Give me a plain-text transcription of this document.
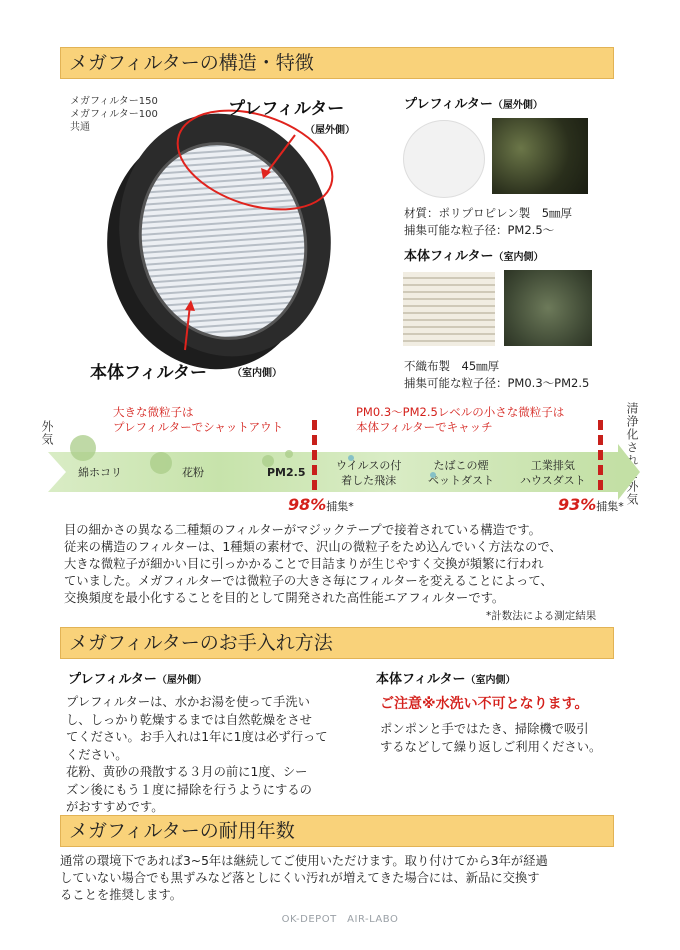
メガフィルターの構造・特徴
メガフィルター150
メガフィルター100
共通
プレフィルター
（屋外側）
本体フィルター	（室内側）
プレフィルター（屋外側）
材質：ポリプロピレン製　5㎜厚
捕集可能な粒子径：PM2.5～
本体フィルター（室内側）
不織布製　45㎜厚
捕集可能な粒子径：PM0.3～PM2.5
外気	清浄化された外気
大きな微粒子は
プレフィルターでシャットアウト
PM0.3～PM2.5レベルの小さな微粒子は
本体フィルターでキャッチ
綿ホコリ	花粉	PM2.5
ウイルスの付
着した飛沫
たばこの煙
ペットダスト
工業排気
ハウスダスト
98%捕集*	93%捕集*
目の細かさの異なる二種類のフィルターがマジックテープで接着されている構造です。
従来の構造のフィルターは、1種類の素材で、沢山の微粒子をため込んでいく方法なので、
大きな微粒子が細かい目に引っかかることで目詰まりが生じやすく交換が頻繁に行われ
ていました。メガフィルターでは微粒子の大きさ毎にフィルターを変えることによって、
交換頻度を最小化することを目的として開発された高性能エアフィルターです。
*計数法による測定結果
メガフィルターのお手入れ方法
プレフィルター（屋外側）
プレフィルターは、水かお湯を使って手洗い
し、しっかり乾燥するまでは自然乾燥をさせ
てください。お手入れは1年に1度は必ず行って
ください。
花粉、黄砂の飛散する３月の前に1度、シー
ズン後にもう１度に掃除を行うようにするの
がおすすめです。
本体フィルター（室内側）
ご注意※水洗い不可となります。
ポンポンと手ではたき、掃除機で吸引
するなどして繰り返しご利用ください。
メガフィルターの耐用年数
通常の環境下であれば3~5年は継続してご使用いただけます。取り付けてから3年が経過
していない場合でも黒ずみなど落としにくい汚れが増えてきた場合には、新品に交換す
ることを推奨します。
OK-DEPOT　AIR-LABO
